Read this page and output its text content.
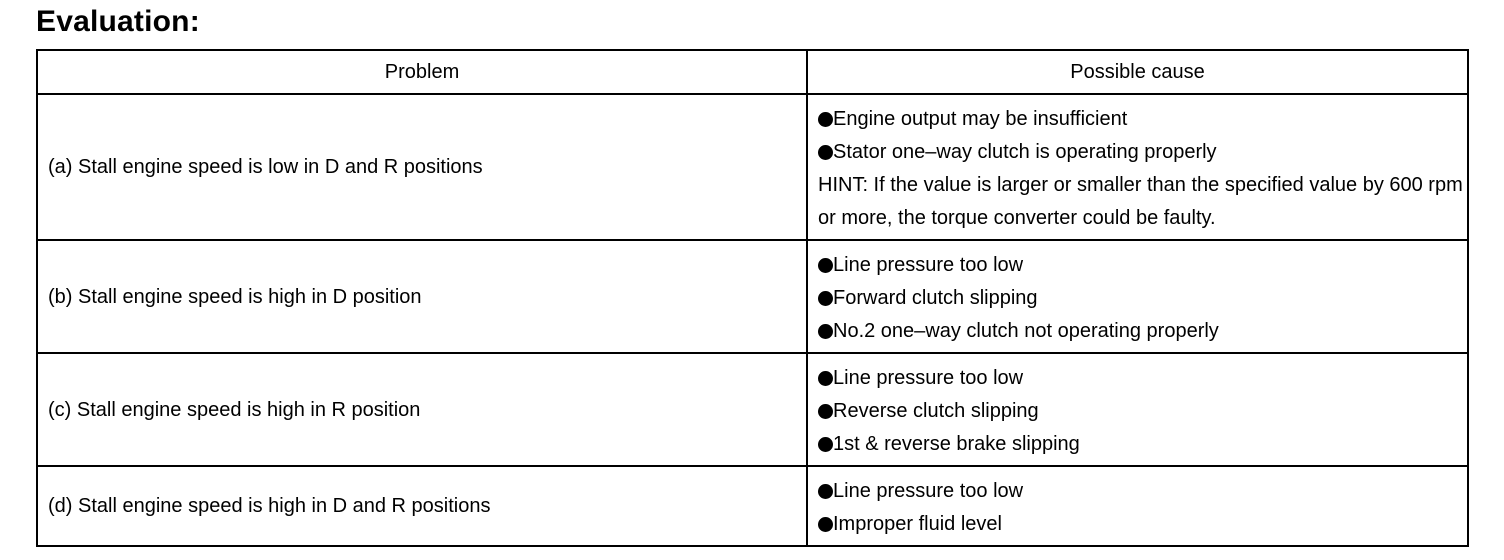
Evaluation:
Problem	Possible cause
(a) Stall engine speed is low in D and R positions	Engine output may be insufficient
Stator one–way clutch is operating properly
HINT: If the value is larger or smaller than the specified value by 600 rpm or more, the torque converter could be faulty.

(b) Stall engine speed is high in D position	Line pressure too low
Forward clutch slipping
No.2 one–way clutch not operating properly

(c) Stall engine speed is high in R position	Line pressure too low
Reverse clutch slipping
1st & reverse brake slipping

(d) Stall engine speed is high in D and R positions	Line pressure too low
Improper fluid level
